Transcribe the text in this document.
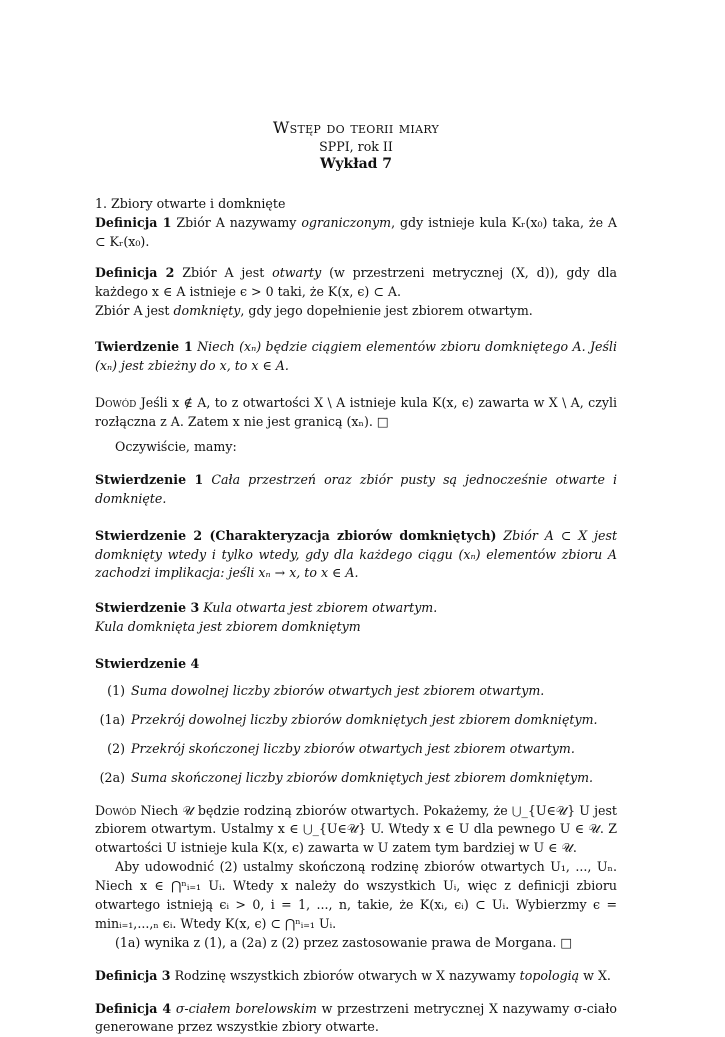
Wstęp do teorii miary

SPPI, rok II

Wykład 7

1. Zbiory otwarte i domknięte

Definicja 1 Zbiór A nazywamy ograniczonym, gdy istnieje kula Kᵣ(x₀) taka, że A ⊂ Kᵣ(x₀).

Definicja 2 Zbiór A jest otwarty (w przestrzeni metrycznej (X, d)), gdy dla każdego x ∈ A istnieje ϵ > 0 taki, że K(x, ϵ) ⊂ A.

Zbiór A jest domknięty, gdy jego dopełnienie jest zbiorem otwartym.

Twierdzenie 1 Niech (xₙ) będzie ciągiem elementów zbioru domkniętego A. Jeśli (xₙ) jest zbieżny do x, to x ∈ A.

Dowód Jeśli x ∉ A, to z otwartości X \ A istnieje kula K(x, ϵ) zawarta w X \ A, czyli rozłączna z A. Zatem x nie jest granicą (xₙ). □

Oczywiście, mamy:

Stwierdzenie 1 Cała przestrzeń oraz zbiór pusty są jednocześnie otwarte i domknięte.

Stwierdzenie 2 (Charakteryzacja zbiorów domkniętych) Zbiór A ⊂ X jest domknięty wtedy i tylko wtedy, gdy dla każdego ciągu (xₙ) elementów zbioru A zachodzi implikacja: jeśli xₙ → x, to x ∈ A.

Stwierdzenie 3 Kula otwarta jest zbiorem otwartym.

Kula domknięta jest zbiorem domkniętym

Stwierdzenie 4

(1) Suma dowolnej liczby zbiorów otwartych jest zbiorem otwartym.

(1a) Przekrój dowolnej liczby zbiorów domkniętych jest zbiorem domkniętym.

(2) Przekrój skończonej liczby zbiorów otwartych jest zbiorem otwartym.

(2a) Suma skończonej liczby zbiorów domkniętych jest zbiorem domkniętym.

Dowód Niech 𝒰 będzie rodziną zbiorów otwartych. Pokażemy, że ⋃_{U∈𝒰} U jest zbiorem otwartym. Ustalmy x ∈ ⋃_{U∈𝒰} U. Wtedy x ∈ U dla pewnego U ∈ 𝒰. Z otwartości U istnieje kula K(x, ϵ) zawarta w U zatem tym bardziej w U ∈ 𝒰.

Aby udowodnić (2) ustalmy skończoną rodzinę zbiorów otwartych U₁, ..., Uₙ. Niech x ∈ ⋂ⁿᵢ₌₁ Uᵢ. Wtedy x należy do wszystkich Uᵢ, więc z definicji zbioru otwartego istnieją ϵᵢ > 0, i = 1, ..., n, takie, że K(xᵢ, ϵᵢ) ⊂ Uᵢ. Wybierzmy ϵ = minᵢ₌₁,...,ₙ ϵᵢ. Wtedy K(x, ϵ) ⊂ ⋂ⁿᵢ₌₁ Uᵢ.

(1a) wynika z (1), a (2a) z (2) przez zastosowanie prawa de Morgana. □

Definicja 3 Rodzinę wszystkich zbiorów otwarych w X nazywamy topologią w X.

Definicja 4 σ-ciałem borelowskim w przestrzeni metrycznej X nazywamy σ-ciało generowane przez wszystkie zbiory otwarte.
